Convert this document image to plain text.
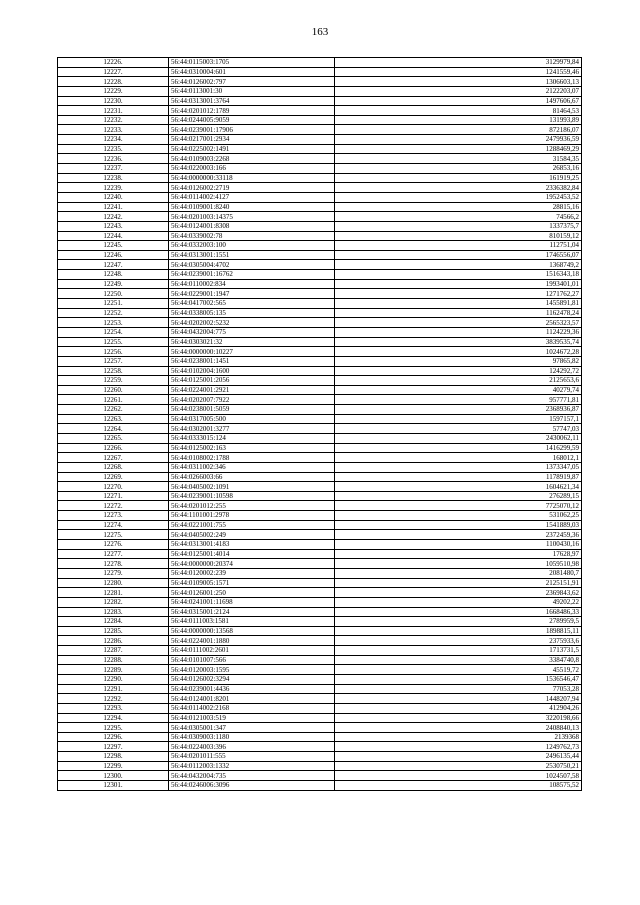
163
12226.	56:44:0115003:1705	3129979,84
12227.	56:44:0310004:601	1241559,46
12228.	56:44:0126002:797	1306603,13
12229.	56:44:0113001:30	2122203,07
12230.	56:44:0313001:3764	1497606,67
12231.	56:44:0201012:1789	81464,53
12232.	56:44:0244005:9059	131993,89
12233.	56:44:0239001:17906	872186,07
12234.	56:44:0217001:2934	2479936,59
12235.	56:44:0225002:1491	1288469,29
12236.	56:44:0109003:2268	31584,35
12237.	56:44:0220003:166	26853,16
12238.	56:44:0000000:33118	161919,25
12239.	56:44:0126002:2719	2336382,84
12240.	56:44:0114002:4127	1952453,52
12241.	56:44:0109001:8240	28815,16
12242.	56:44:0201003:14375	74566,2
12243.	56:44:0124001:8308	1337375,7
12244.	56:44:0339002:78	810159,12
12245.	56:44:0332003:100	112751,04
12246.	56:44:0313001:1551	1746556,07
12247.	56:44:0305004:4702	1368749,2
12248.	56:44:0239001:16762	1516343,18
12249.	56:44:0110002:834	1993401,01
12250.	56:44:0229001:1947	1271762,27
12251.	56:44:0417002:565	1455891,81
12252.	56:44:0338005:135	1162478,24
12253.	56:44:0202002:5232	2565323,57
12254.	56:44:0432004:775	1124229,36
12255.	56:44:0303021:32	3839535,74
12256.	56:44:0000000:10227	1024672,28
12257.	56:44:0238001:1451	97865,82
12258.	56:44:0102004:1600	124292,72
12259.	56:44:0125001:2056	2125653,6
12260.	56:44:0224001:2921	40279,74
12261.	56:44:0202007:7922	957771,81
12262.	56:44:0238001:5059	2368936,87
12263.	56:44:0317005:500	1597157,1
12264.	56:44:0302001:3277	57747,03
12265.	56:44:0333015:124	2430062,11
12266.	56:44:0125002:163	1416299,59
12267.	56:44:0108002:1788	168012,1
12268.	56:44:0311002:346	1373347,05
12269.	56:44:0266003:66	1178919,87
12270.	56:44:0405002:1091	1604621,34
12271.	56:44:0239001:10598	276289,15
12272.	56:44:0201012:255	7725070,12
12273.	56:44:1101001:2978	531062,25
12274.	56:44:0221001:755	1541889,03
12275.	56:44:0405002:249	2372459,36
12276.	56:44:0313001:4183	1100430,16
12277.	56:44:0125001:4014	17628,97
12278.	56:44:0000000:20374	1059510,98
12279.	56:44:0120002:239	2081480,7
12280.	56:44:0109005:1571	2125151,91
12281.	56:44:0126001:250	2369843,62
12282.	56:44:0241001:11698	49202,22
12283.	56:44:0315001:2124	1668486,33
12284.	56:44:0111003:1581	2789959,5
12285.	56:44:0000000:13568	1898815,11
12286.	56:44:0224001:1880	2375933,6
12287.	56:44:0111002:2601	1713731,5
12288.	56:44:0101007:566	3384740,8
12289.	56:44:0120003:1595	45519,72
12290.	56:44:0126002:3294	1536546,47
12291.	56:44:0239001:4436	77053,28
12292.	56:44:0124001:8201	1448207,94
12293.	56:44:0114002:2168	412904,26
12294.	56:44:0121003:519	3220198,66
12295.	56:44:0305001:347	2408840,13
12296.	56:44:0309003:1180	2139368
12297.	56:44:0224003:396	1249762,73
12298.	56:44:0201011:555	2496135,44
12299.	56:44:0112003:1332	2530750,21
12300.	56:44:0432004:735	1024507,58
12301.	56:44:0246006:3096	108575,52
